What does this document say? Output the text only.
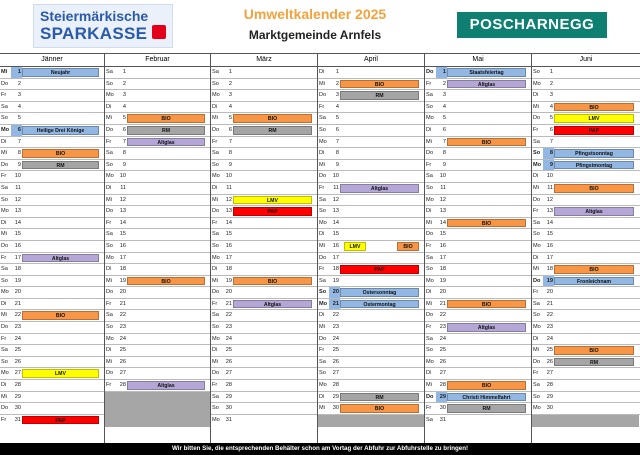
Steiermärkische
SPARKASSE
Umweltkalender 2025
Marktgemeinde Arnfels
POSCHARNEGG
Jänner
Mi	1	Neujahr
Do	2
Fr	3
Sa	4
So	5
Mo	6	Heilige Drei Könige
Di	7
Mi	8	BIO
Do	9	RM
Fr	10
Sa	11
So	12
Mo	13
Di	14
Mi	15
Do	16
Fr	17	Altglas
Sa	18
So	19
Mo	20
Di	21
Mi	22	BIO
Do	23
Fr	24
Sa	25
So	26
Mo	27	LMV
Di	28
Mi	29
Do	30
Fr	31	PAP
Februar
Sa	1
So	2
Mo	3
Di	4
Mi	5	BIO
Do	6	RM
Fr	7	Altglas
Sa	8
So	9
Mo	10
Di	11
Mi	12
Do	13
Fr	14
Sa	15
So	16
Mo	17
Di	18
Mi	19	BIO
Do	20
Fr	21
Sa	22
So	23
Mo	24
Di	25
Mi	26
Do	27
Fr	28	Altglas
März
Sa	1
So	2
Mo	3
Di	4
Mi	5	BIO
Do	6	RM
Fr	7
Sa	8
So	9
Mo	10
Di	11
Mi	12	LMV
Do	13	PAP
Fr	14
Sa	15
So	16
Mo	17
Di	18
Mi	19	BIO
Do	20
Fr	21	Altglas
Sa	22
So	23
Mo	24
Di	25
Mi	26
Do	27
Fr	28
Sa	29
So	30
Mo	31
April
Di	1
Mi	2	BIO
Do	3	RM
Fr	4
Sa	5
So	6
Mo	7
Di	8
Mi	9
Do	10
Fr	11	Altglas
Sa	12
So	13
Mo	14
Di	15
Mi	16	LMV	BIO
Do	17
Fr	18	PAP
Sa	19
So	20	Ostersonntag
Mo	21	Ostermontag
Di	22
Mi	23
Do	24
Fr	25
Sa	26
So	27
Mo	28
Di	29	RM
Mi	30	BIO
Mai
Do	1	Staatsfeiertag
Fr	2	Altglas
Sa	3
So	4
Mo	5
Di	6
Mi	7	BIO
Do	8
Fr	9
Sa	10
So	11
Mo	12
Di	13
Mi	14	BIO
Do	15
Fr	16
Sa	17
So	18
Mo	19
Di	20
Mi	21	BIO
Do	22
Fr	23	Altglas
Sa	24
So	25
Mo	26
Di	27
Mi	28	BIO
Do	29	Christi Himmelfahrt
Fr	30	RM
Sa	31
Juni
So	1
Mo	2
Di	3
Mi	4	BIO
Do	5	LMV
Fr	6	PAP
Sa	7
So	8	Pfingstsonntag
Mo	9	Pfingstmontag
Di	10
Mi	11	BIO
Do	12
Fr	13	Altglas
Sa	14
So	15
Mo	16
Di	17
Mi	18	BIO
Do	19	Fronleichnam
Fr	20
Sa	21
So	22
Mo	23
Di	24
Mi	25	BIO
Do	26	RM
Fr	27
Sa	28
So	29
Mo	30
Wir bitten Sie, die entsprechenden Behälter schon am Vortag der Abfuhr zur Abfuhrstelle zu bringen!
